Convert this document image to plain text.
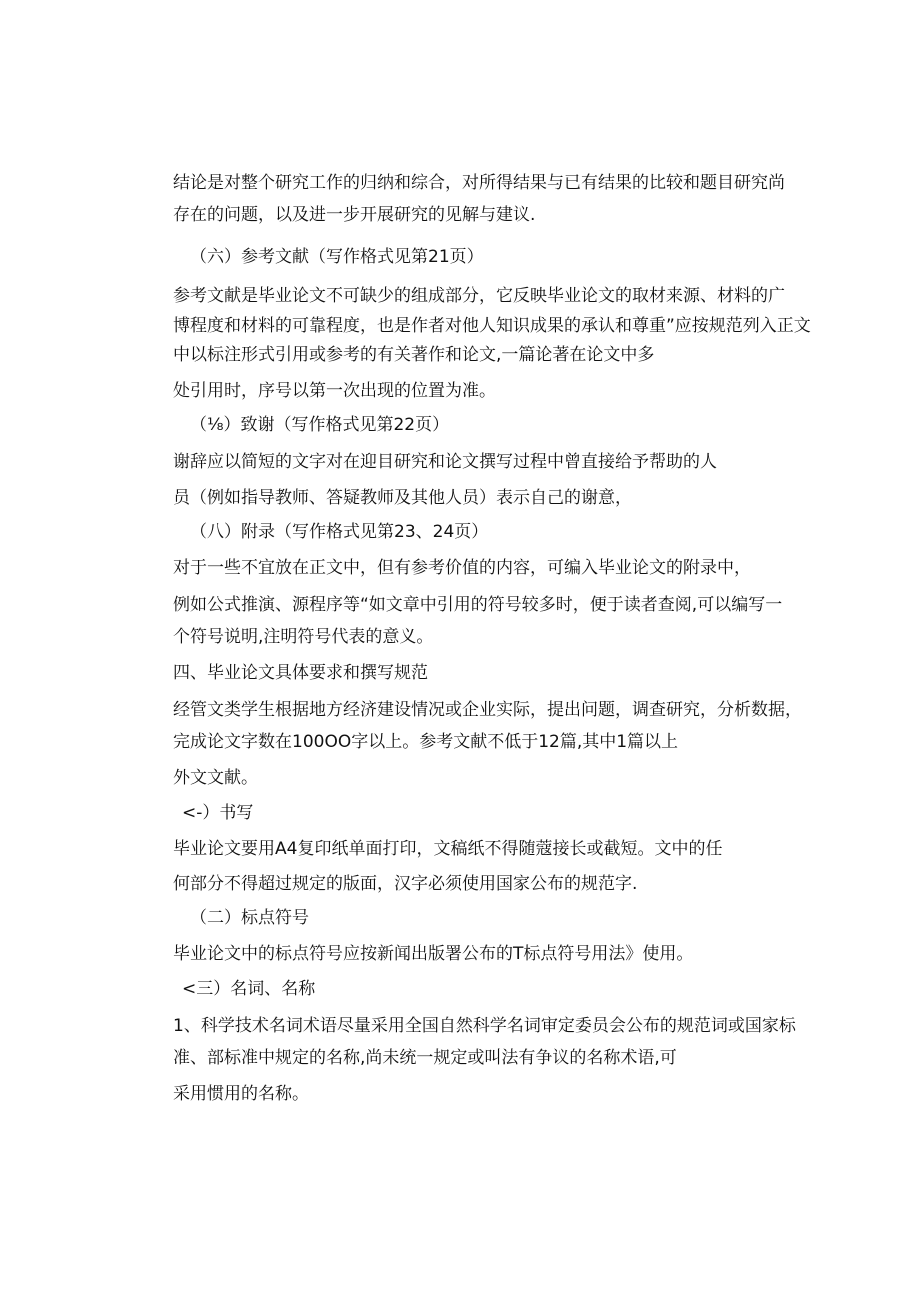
结论是对整个研究工作的归纳和综合，对所得结果与已有结果的比较和题目研究尚
存在的问题，以及进一步开展研究的见解与建议.
（六）参考文献（写作格式见第21页）
参考文献是毕业论文不可缺少的组成部分，它反映毕业论文的取材来源、材料的广
博程度和材料的可靠程度，也是作者对他人知识成果的承认和尊重”应按规范列入正文
中以标注形式引用或参考的有关著作和论文,一篇论著在论文中多
处引用时，序号以第一次出现的位置为准。
（⅛）致谢（写作格式见第22页）
谢辞应以简短的文字对在迎目研究和论文撰写过程中曾直接给予帮助的人
员（例如指导教师、答疑教师及其他人员）表示自己的谢意，
（八）附录（写作格式见第23、24页）
对于一些不宜放在正文中，但有参考价值的内容，可编入毕业论文的附录中，
例如公式推演、源程序等“如文章中引用的符号较多时，便于读者查阅,可以编写一
个符号说明,注明符号代表的意义。
四、毕业论文具体要求和撰写规范
经管文类学生根据地方经济建设情况或企业实际，提出问题，调查研究，分析数据，
完成论文字数在100OO字以上。参考文献不低于12篇,其中1篇以上
外文文献。
<-）书写
毕业论文要用A4复印纸单面打印，文稿纸不得随蔻接长或截短。文中的任
何部分不得超过规定的版面，汉字必须使用国家公布的规范字.
（二）标点符号
毕业论文中的标点符号应按新闻出版署公布的T标点符号用法》使用。
<三）名词、名称
1、科学技术名词术语尽量采用全国自然科学名词审定委员会公布的规范词或国家标
准、部标准中规定的名称,尚未统一规定或叫法有争议的名称术语,可
采用惯用的名称。
